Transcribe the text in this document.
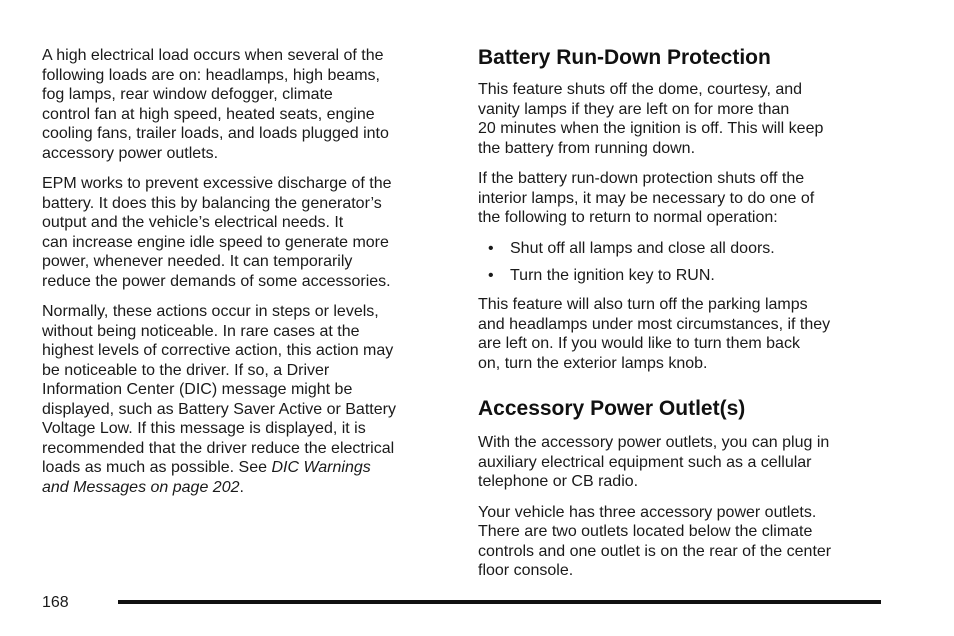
A high electrical load occurs when several of the
following loads are on: headlamps, high beams,
fog lamps, rear window defogger, climate
control fan at high speed, heated seats, engine
cooling fans, trailer loads, and loads plugged into
accessory power outlets.

EPM works to prevent excessive discharge of the
battery. It does this by balancing the generator’s
output and the vehicle’s electrical needs. It
can increase engine idle speed to generate more
power, whenever needed. It can temporarily
reduce the power demands of some accessories.

Normally, these actions occur in steps or levels,
without being noticeable. In rare cases at the
highest levels of corrective action, this action may
be noticeable to the driver. If so, a Driver
Information Center (DIC) message might be
displayed, such as Battery Saver Active or Battery
Voltage Low. If this message is displayed, it is
recommended that the driver reduce the electrical
loads as much as possible. See DIC Warnings
and Messages on page 202.

Battery Run-Down Protection

This feature shuts off the dome, courtesy, and
vanity lamps if they are left on for more than
20 minutes when the ignition is off. This will keep
the battery from running down.

If the battery run-down protection shuts off the
interior lamps, it may be necessary to do one of
the following to return to normal operation:

• Shut off all lamps and close all doors.
• Turn the ignition key to RUN.

This feature will also turn off the parking lamps
and headlamps under most circumstances, if they
are left on. If you would like to turn them back
on, turn the exterior lamps knob.

Accessory Power Outlet(s)

With the accessory power outlets, you can plug in
auxiliary electrical equipment such as a cellular
telephone or CB radio.

Your vehicle has three accessory power outlets.
There are two outlets located below the climate
controls and one outlet is on the rear of the center
floor console.

168
